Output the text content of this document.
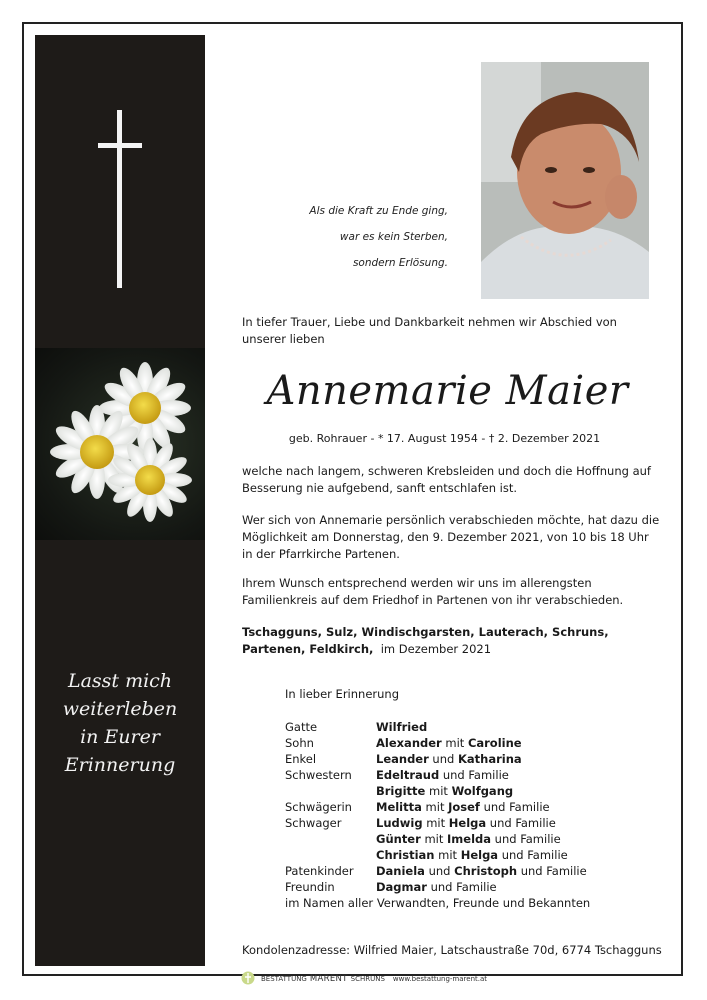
Lasst mich
weiterleben
in Eurer
Erinnerung
Als die Kraft zu Ende ging,
war es kein Sterben,
sondern Erlösung.
In tiefer Trauer, Liebe und Dankbarkeit nehmen wir Abschied von unserer lieben
Annemarie Maier
geb. Rohrauer - * 17. August 1954 - † 2. Dezember 2021
welche nach langem, schweren Krebsleiden und doch die Hoffnung auf Besserung nie aufgebend, sanft entschlafen ist.
Wer sich von Annemarie persönlich verabschieden möchte, hat dazu die Möglichkeit am Donnerstag, den 9. Dezember 2021, von 10 bis 18 Uhr in der Pfarrkirche Partenen.
Ihrem Wunsch entsprechend werden wir uns im allerengsten Familienkreis auf dem Friedhof in Partenen von ihr verabschieden.
Tschagguns, Sulz, Windischgarsten, Lauterach, Schruns, Partenen, Feldkirch, im Dezember 2021
In lieber Erinnerung
Gatte	Wilfried
Sohn	Alexander mit Caroline
Enkel	Leander und Katharina
Schwestern	Edeltraud und Familie
Brigitte mit Wolfgang
Schwägerin	Melitta mit Josef und Familie
Schwager	Ludwig mit Helga und Familie
Günter mit Imelda und Familie
Christian mit Helga und Familie
Patenkinder	Daniela und Christoph und Familie
Freundin	Dagmar und Familie
im Namen aller Verwandten, Freunde und Bekannten
Kondolenzadresse: Wilfried Maier, Latschaustraße 70d, 6774 Tschagguns
BESTATTUNG MARENT SCHRUNS www.bestattung-marent.at
